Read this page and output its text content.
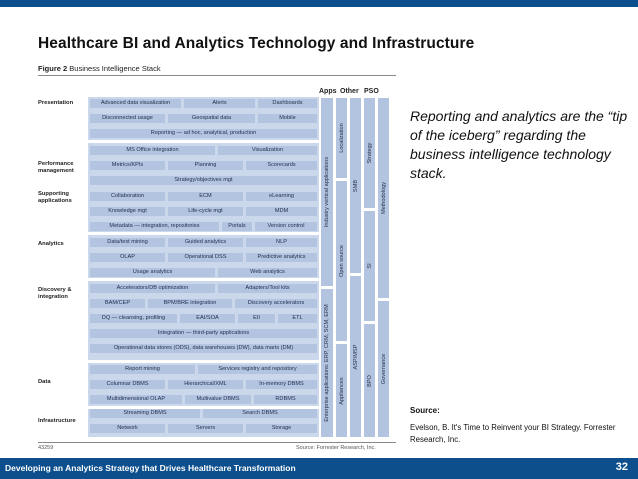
Healthcare BI and Analytics Technology and Infrastructure
Figure 2 Business Intelligence Stack
Apps Other PSO
Presentation
Performance management
Supporting applications
Analytics
Discovery & integration
Data
Infrastructure
Advanced data visualization	Alerts	Dashboards
Disconnected usage	Geospatial data	Mobile
Reporting — ad hoc, analytical, production
MS Office integration	Visualization
Metrics/KPIs	Planning	Scorecards
Strategy/objectives mgt
Collaboration	ECM	eLearning
Knowledge mgt	Life-cycle mgt	MDM
Metadata — integration, repositories	Portals	Version control
Data/text mining	Guided analytics	NLP
OLAP	Operational DSS	Predictive analytics
Usage analytics	Web analytics
Accelerators/DB optimization	Adapters/Tool kits
BAM/CEP	BPM/BRE integration	Discovery accelerators
DQ — cleansing, profiling	EAI/SOA	EII	ETL
Integration — third-party applications
Operational data stores (ODS), data warehouses (DW), data marts (DM)
Report mining	Services registry and repository
Columnar DBMS	Hierarchical/XML	In-memory DBMS
Multidimensional OLAP	Multivalue DBMS	RDBMS
Streaming DBMS	Search DBMS
Network	Servers	Storage
Industry vertical applications
Enterprise applications: ERP, CRM, SCM, ERM
Localization
Open source
Appliances
SMB
ASP/MSP
Strategy
SI
BPO
Methodology
Governance
43259	Source: Forrester Research, Inc.
Reporting and analytics are the “tip of the iceberg” regarding the business intelligence technology stack.
Source:
Evelson, B. It's Time to Reinvent your BI Strategy. Forrester Research, Inc.
Developing an Analytics Strategy that Drives Healthcare Transformation	32
